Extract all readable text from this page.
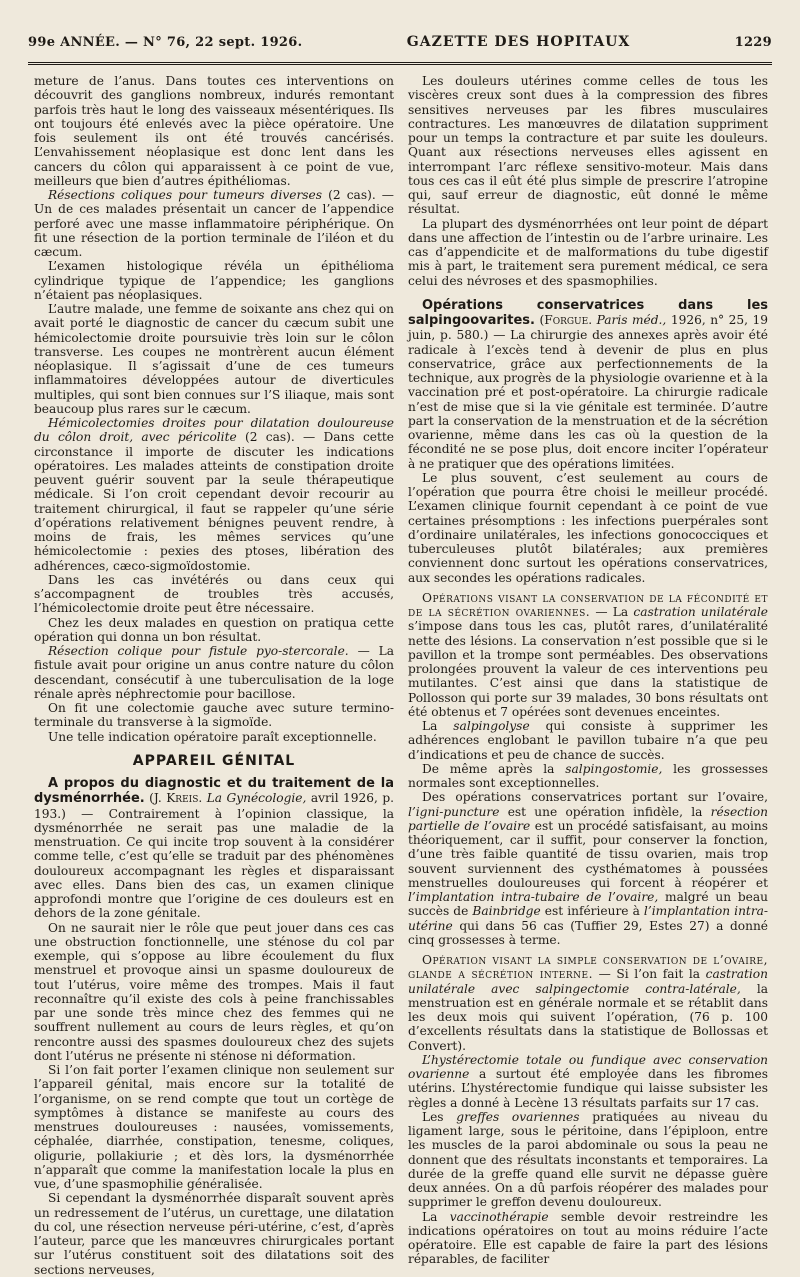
99e ANNÉE. — N° 76, 22 sept. 1926.	GAZETTE DES HOPITAUX	1229

meture de l’anus. Dans toutes ces interventions on découvrit des ganglions nombreux, indurés remontant parfois très haut le long des vaisseaux mésentériques. Ils ont toujours été enlevés avec la pièce opératoire. Une fois seulement ils ont été trouvés cancérisés. L’envahissement néoplasique est donc lent dans les cancers du côlon qui apparaissent à ce point de vue, meilleurs que bien d’autres épithéliomas.

Résections coliques pour tumeurs diverses (2 cas). — Un de ces malades présentait un cancer de l’appendice perforé avec une masse inflammatoire périphérique. On fit une résection de la portion terminale de l’iléon et du cæcum.

L’examen histologique révéla un épithélioma cylindrique typique de l’appendice; les ganglions n’étaient pas néoplasiques.

L’autre malade, une femme de soixante ans chez qui on avait porté le diagnostic de cancer du cæcum subit une hémicolectomie droite poursuivie très loin sur le côlon transverse. Les coupes ne montrèrent aucun élément néoplasique. Il s’agissait d’une de ces tumeurs inflammatoires développées autour de diverticules multiples, qui sont bien connues sur l’S iliaque, mais sont beaucoup plus rares sur le cæcum.

Hémicolectomies droites pour dilatation douloureuse du côlon droit, avec péricolite (2 cas). — Dans cette circonstance il importe de discuter les indications opératoires. Les malades atteints de constipation droite peuvent guérir souvent par la seule thérapeutique médicale. Si l’on croit cependant devoir recourir au traitement chirurgical, il faut se rappeler qu’une série d’opérations relativement bénignes peuvent rendre, à moins de frais, les mêmes services qu’une hémicolectomie : pexies des ptoses, libération des adhérences, cæco-sigmoïdostomie.

Dans les cas invétérés ou dans ceux qui s’accompagnent de troubles très accusés, l’hémicolectomie droite peut être nécessaire.

Chez les deux malades en question on pratiqua cette opération qui donna un bon résultat.

Résection colique pour fistule pyo-stercorale. — La fistule avait pour origine un anus contre nature du côlon descendant, consécutif à une tuberculisation de la loge rénale après néphrectomie pour bacillose.

On fit une colectomie gauche avec suture termino-terminale du transverse à la sigmoïde.

Une telle indication opératoire paraît exceptionnelle.

APPAREIL GÉNITAL

A propos du diagnostic et du traitement de la dysménorrhée. (J. Kreis. La Gynécologie, avril 1926, p. 193.) — Contrairement à l’opinion classique, la dysménorrhée ne serait pas une maladie de la menstruation. Ce qui incite trop souvent à la considérer comme telle, c’est qu’elle se traduit par des phénomènes douloureux accompagnant les règles et disparaissant avec elles. Dans bien des cas, un examen clinique approfondi montre que l’origine de ces douleurs est en dehors de la zone génitale.

On ne saurait nier le rôle que peut jouer dans ces cas une obstruction fonctionnelle, une sténose du col par exemple, qui s’oppose au libre écoulement du flux menstruel et provoque ainsi un spasme douloureux de tout l’utérus, voire même des trompes. Mais il faut reconnaître qu’il existe des cols à peine franchissables par une sonde très mince chez des femmes qui ne souffrent nullement au cours de leurs règles, et qu’on rencontre aussi des spasmes douloureux chez des sujets dont l’utérus ne présente ni sténose ni déformation.

Si l’on fait porter l’examen clinique non seulement sur l’appareil génital, mais encore sur la totalité de l’organisme, on se rend compte que tout un cortège de symptômes à distance se manifeste au cours des menstrues douloureuses : nausées, vomissements, céphalée, diarrhée, constipation, tenesme, coliques, oligurie, pollakiurie ; et dès lors, la dysménorrhée n’apparaît que comme la manifestation locale la plus en vue, d’une spasmophilie généralisée.

Si cependant la dysménorrhée disparaît souvent après un redressement de l’utérus, un curettage, une dilatation du col, une résection nerveuse péri-utérine, c’est, d’après l’auteur, parce que les manœuvres chirurgicales portant sur l’utérus constituent soit des dilatations soit des sections nerveuses,

Les douleurs utérines comme celles de tous les viscères creux sont dues à la compression des fibres sensitives nerveuses par les fibres musculaires contractures. Les manœuvres de dilatation suppriment pour un temps la contracture et par suite les douleurs. Quant aux résections nerveuses elles agissent en interrompant l’arc réflexe sensitivo-moteur. Mais dans tous ces cas il eût été plus simple de prescrire l’atropine qui, sauf erreur de diagnostic, eût donné le même résultat.

La plupart des dysménorrhées ont leur point de départ dans une affection de l’intestin ou de l’arbre urinaire. Les cas d’appendicite et de malformations du tube digestif mis à part, le traitement sera purement médical, ce sera celui des névroses et des spasmophilies.

Opérations conservatrices dans les salpingoovarites. (Forgue. Paris méd., 1926, n° 25, 19 juin, p. 580.) — La chirurgie des annexes après avoir été radicale à l’excès tend à devenir de plus en plus conservatrice, grâce aux perfectionnements de la technique, aux progrès de la physiologie ovarienne et à la vaccination pré et post-opératoire. La chirurgie radicale n’est de mise que si la vie génitale est terminée. D’autre part la conservation de la menstruation et de la sécrétion ovarienne, même dans les cas où la question de la fécondité ne se pose plus, doit encore inciter l’opérateur à ne pratiquer que des opérations limitées.

Le plus souvent, c’est seulement au cours de l’opération que pourra être choisi le meilleur procédé. L’examen clinique fournit cependant à ce point de vue certaines présomptions : les infections puerpérales sont d’ordinaire unilatérales, les infections gonococciques et tuberculeuses plutôt bilatérales; aux premières conviennent donc surtout les opérations conservatrices, aux secondes les opérations radicales.

Opérations visant la conservation de la fécondité et de la sécrétion ovariennes. — La castration unilatérale s’impose dans tous les cas, plutôt rares, d’unilatéralité nette des lésions. La conservation n’est possible que si le pavillon et la trompe sont perméables. Des observations prolongées prouvent la valeur de ces interventions peu mutilantes. C’est ainsi que dans la statistique de Pollosson qui porte sur 39 malades, 30 bons résultats ont été obtenus et 7 opérées sont devenues enceintes.

La salpingolyse qui consiste à supprimer les adhérences englobant le pavillon tubaire n’a que peu d’indications et peu de chance de succès.

De même après la salpingostomie, les grossesses normales sont exceptionnelles.

Des opérations conservatrices portant sur l’ovaire, l’igni-puncture est une opération infidèle, la résection partielle de l’ovaire est un procédé satisfaisant, au moins théoriquement, car il suffit, pour conserver la fonction, d’une très faible quantité de tissu ovarien, mais trop souvent surviennent des cysthématomes à poussées menstruelles douloureuses qui forcent à réopérer et l’implantation intra-tubaire de l’ovaire, malgré un beau succès de Bainbridge est inférieure à l’implantation intra-utérine qui dans 56 cas (Tuffier 29, Estes 27) a donné cinq grossesses à terme.

Opération visant la simple conservation de l’ovaire, glande a sécrétion interne. — Si l’on fait la castration unilatérale avec salpingectomie contra-latérale, la menstruation est en générale normale et se rétablit dans les deux mois qui suivent l’opération, (76 p. 100 d’excellents résultats dans la statistique de Bollossas et Convert).

L’hystérectomie totale ou fundique avec conservation ovarienne a surtout été employée dans les fibromes utérins. L’hystérectomie fundique qui laisse subsister les règles a donné à Lecène 13 résultats parfaits sur 17 cas.

Les greffes ovariennes pratiquées au niveau du ligament large, sous le péritoine, dans l’épiploon, entre les muscles de la paroi abdominale ou sous la peau ne donnent que des résultats inconstants et temporaires. La durée de la greffe quand elle survit ne dépasse guère deux années. On a dû parfois réopérer des malades pour supprimer le greffon devenu douloureux.

La vaccinothérapie semble devoir restreindre les indications opératoires on tout au moins réduire l’acte opératoire. Elle est capable de faire la part des lésions réparables, de faciliter
